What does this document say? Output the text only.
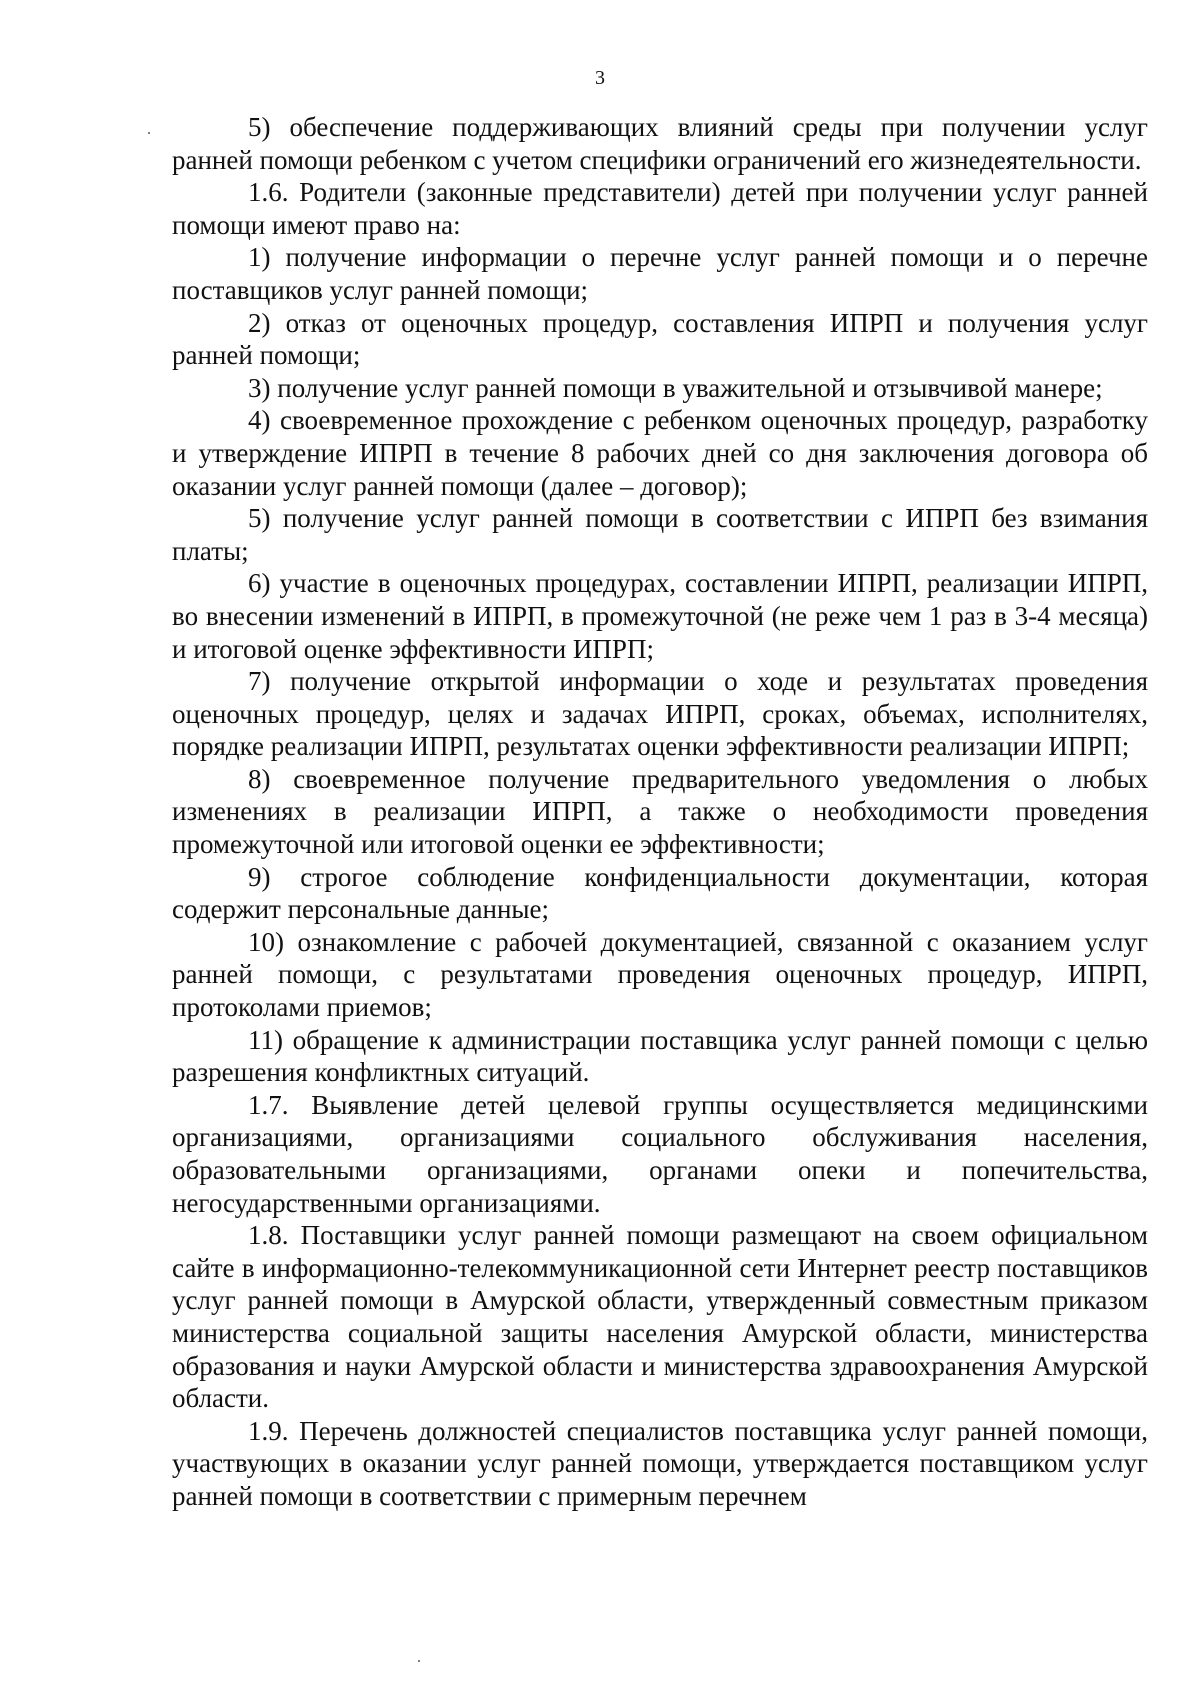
3

5) обеспечение поддерживающих влияний среды при получении услуг ранней помощи ребенком с учетом специфики ограничений его жизнедеятельности.

1.6. Родители (законные представители) детей при получении услуг ранней помощи имеют право на:

1) получение информации о перечне услуг ранней помощи и о перечне поставщиков услуг ранней помощи;

2) отказ от оценочных процедур, составления ИПРП и получения услуг ранней помощи;

3) получение услуг ранней помощи в уважительной и отзывчивой манере;

4) своевременное прохождение с ребенком оценочных процедур, разработку и утверждение ИПРП в течение 8 рабочих дней со дня заключения договора об оказании услуг ранней помощи (далее – договор);

5) получение услуг ранней помощи в соответствии с ИПРП без взимания платы;

6) участие в оценочных процедурах, составлении ИПРП, реализации ИПРП, во внесении изменений в ИПРП, в промежуточной (не реже чем 1 раз в 3-4 месяца) и итоговой оценке эффективности ИПРП;

7) получение открытой информации о ходе и результатах проведения оценочных процедур, целях и задачах ИПРП, сроках, объемах, исполнителях, порядке реализации ИПРП, результатах оценки эффективности реализации ИПРП;

8) своевременное получение предварительного уведомления о любых изменениях в реализации ИПРП, а также о необходимости проведения промежуточной или итоговой оценки ее эффективности;

9) строгое соблюдение конфиденциальности документации, которая содержит персональные данные;

10) ознакомление с рабочей документацией, связанной с оказанием услуг ранней помощи, с результатами проведения оценочных процедур, ИПРП, протоколами приемов;

11) обращение к администрации поставщика услуг ранней помощи с целью разрешения конфликтных ситуаций.

1.7. Выявление детей целевой группы осуществляется медицинскими организациями, организациями социального обслуживания населения, образовательными организациями, органами опеки и попечительства, негосударственными организациями.

1.8. Поставщики услуг ранней помощи размещают на своем официальном сайте в информационно-телекоммуникационной сети Интернет реестр поставщиков услуг ранней помощи в Амурской области, утвержденный совместным приказом министерства социальной защиты населения Амурской области, министерства образования и науки Амурской области и министерства здравоохранения Амурской области.

1.9. Перечень должностей специалистов поставщика услуг ранней помощи, участвующих в оказании услуг ранней помощи, утверждается поставщиком услуг ранней помощи в соответствии с примерным перечнем
